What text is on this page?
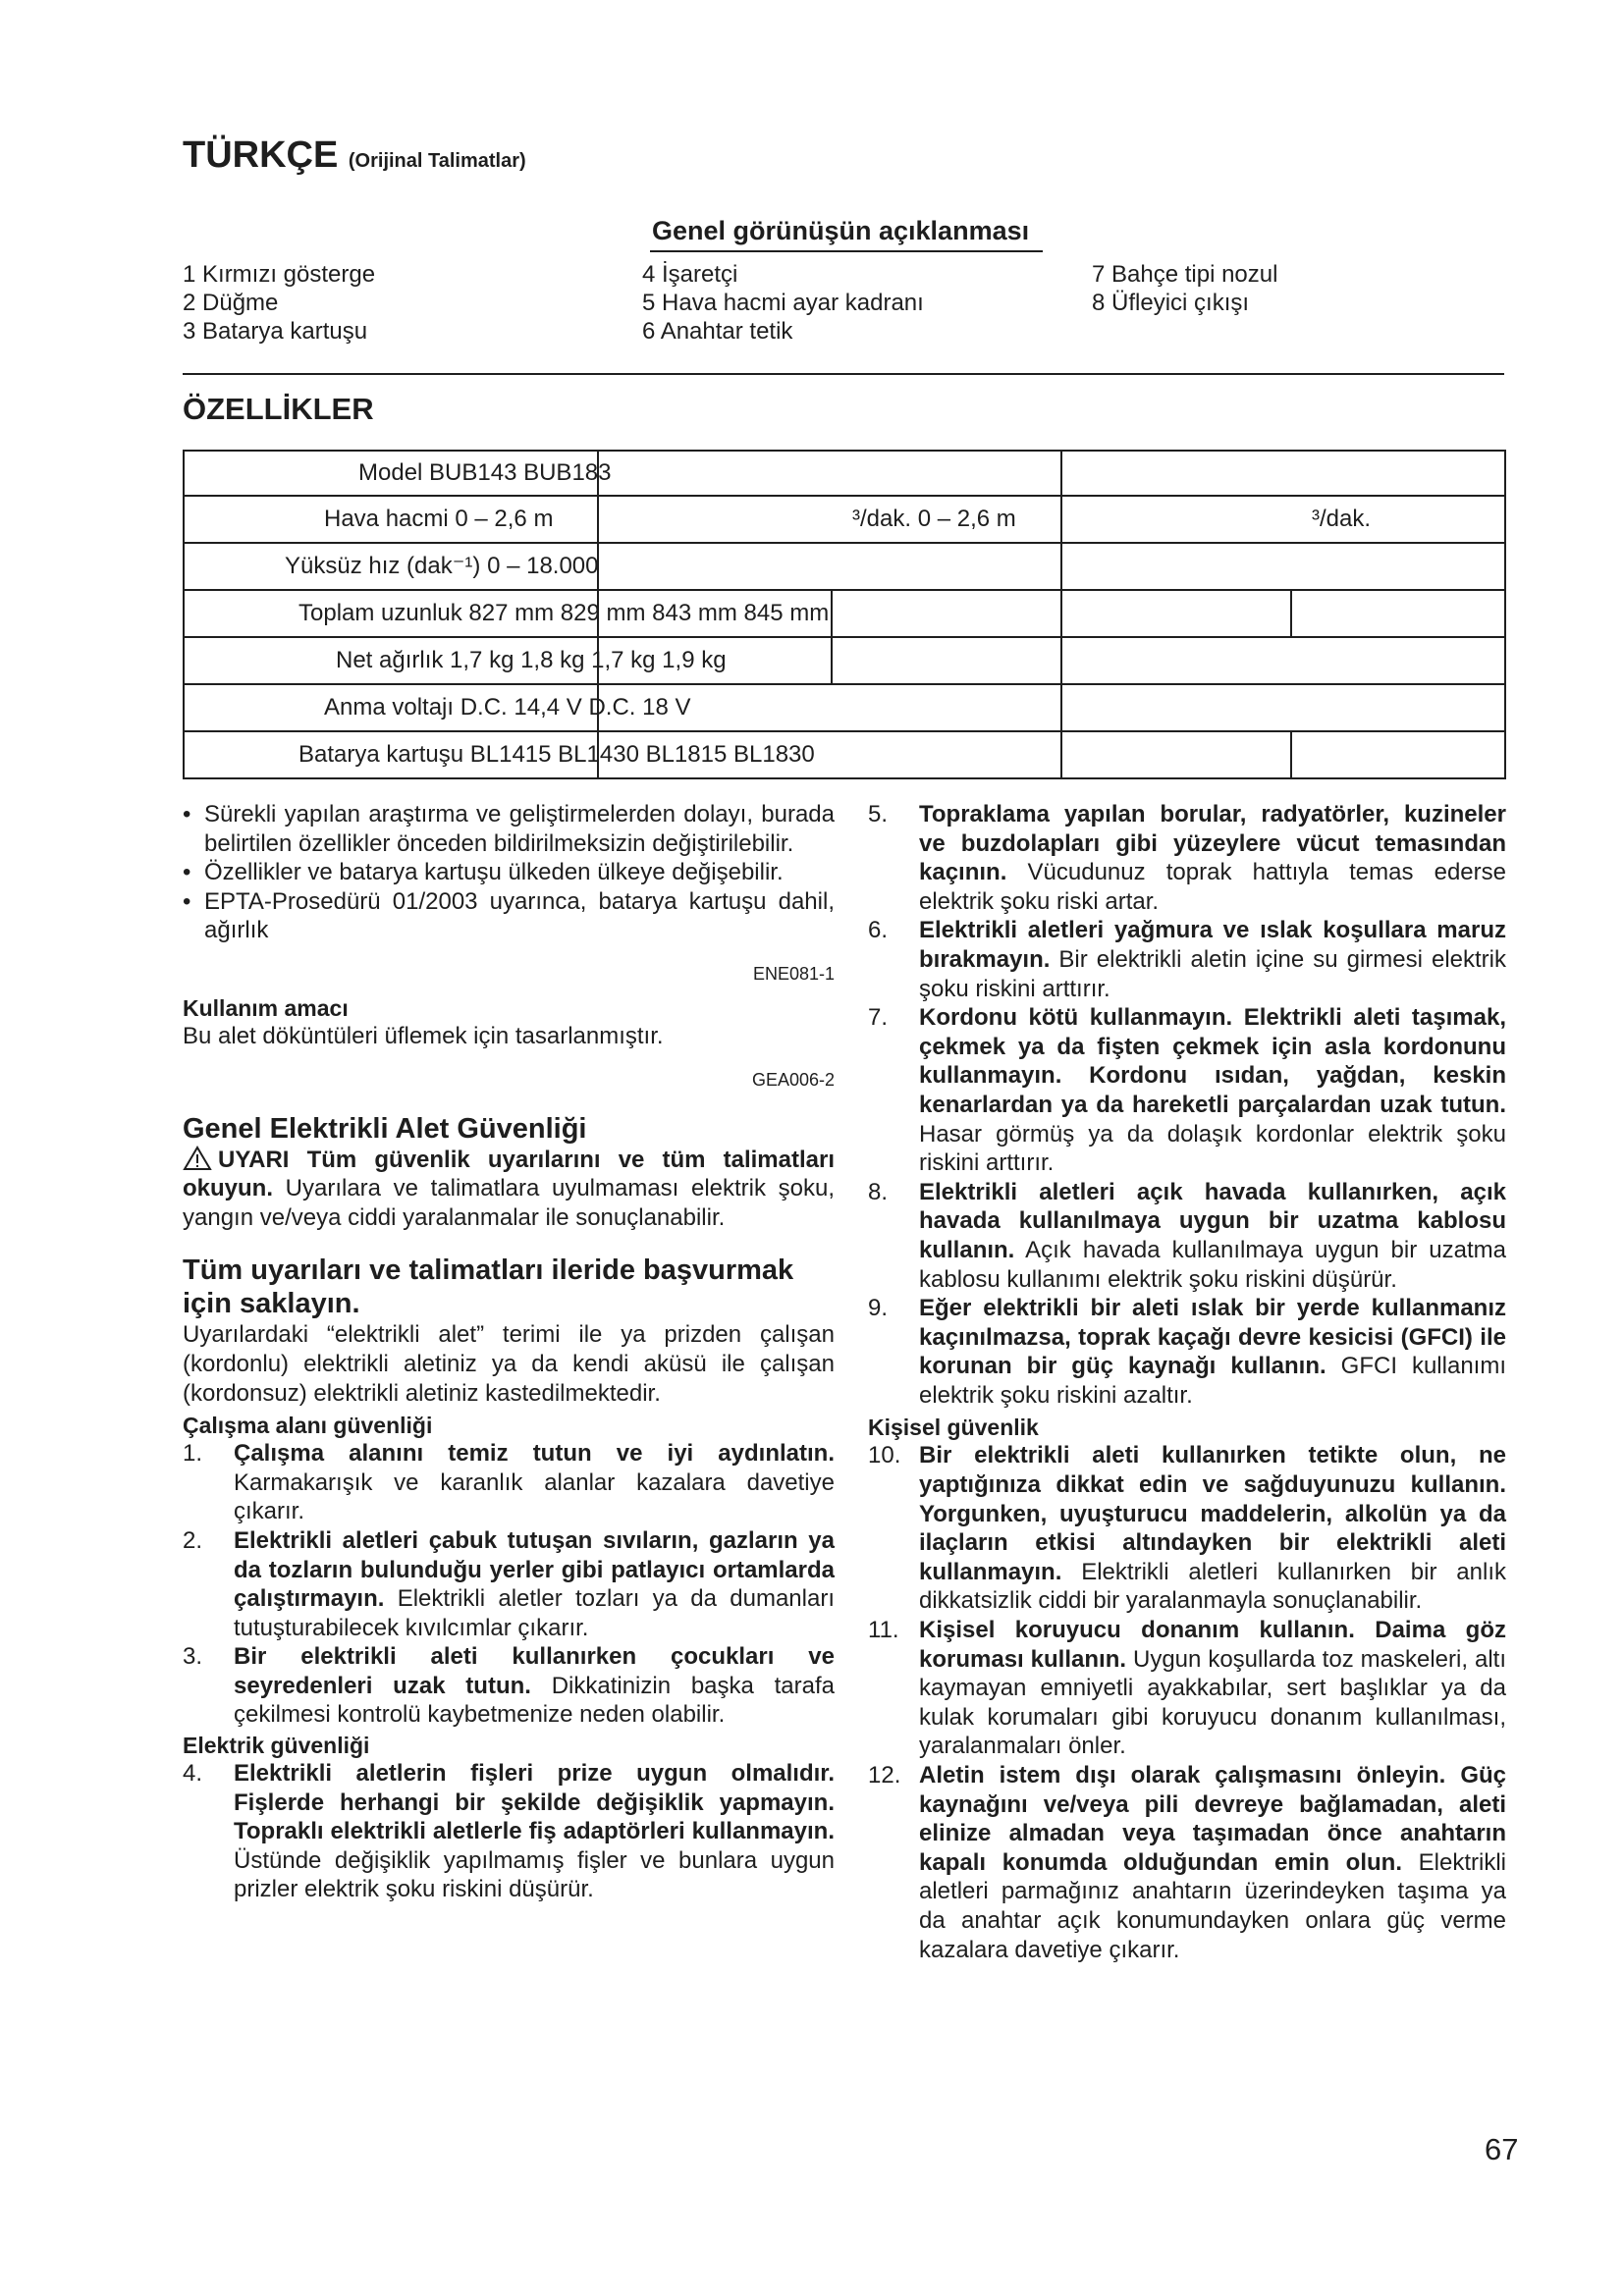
TÜRKÇE (Orijinal Talimatlar)
Genel görünüşün açıklanması
1 Kırmızı gösterge
2 Düğme
3 Batarya kartuşu
4 İşaretçi
5 Hava hacmi ayar kadranı
6 Anahtar tetik
7 Bahçe tipi nozul
8 Üfleyici çıkışı
ÖZELLİKLER
Model BUB143 BUB183
Hava hacmi 0 – 2,6 m	³/dak. 0 – 2,6 m	³/dak.
Yüksüz hız (dak⁻¹) 0 – 18.000
Toplam uzunluk 827 mm 829 mm 843 mm 845 mm
Net ağırlık 1,7 kg 1,8 kg 1,7 kg 1,9 kg
Anma voltajı D.C. 14,4 V D.C. 18 V
Batarya kartuşu BL1415 BL1430 BL1815 BL1830

• Sürekli yapılan araştırma ve geliştirmelerden dolayı, burada belirtilen özellikler önceden bildirilmeksizin değiştirilebilir.

• Özellikler ve batarya kartuşu ülkeden ülkeye değişebilir.

• EPTA-Prosedürü 01/2003 uyarınca, batarya kartuşu dahil, ağırlık

ENE081-1

Kullanım amacı

Bu alet döküntüleri üflemek için tasarlanmıştır.

GEA006-2

Genel Elektrikli Alet Güvenliği

UYARI Tüm güvenlik uyarılarını ve tüm talimatları okuyun. Uyarılara ve talimatlara uyulmaması elektrik şoku, yangın ve/veya ciddi yaralanmalar ile sonuçlanabilir.

Tüm uyarıları ve talimatları ileride başvurmak için saklayın.

Uyarılardaki “elektrikli alet” terimi ile ya prizden çalışan (kordonlu) elektrikli aletiniz ya da kendi aküsü ile çalışan (kordonsuz) elektrikli aletiniz kastedilmektedir.

Çalışma alanı güvenliği

1. Çalışma alanını temiz tutun ve iyi aydınlatın. Karmakarışık ve karanlık alanlar kazalara davetiye çıkarır.

2. Elektrikli aletleri çabuk tutuşan sıvıların, gazların ya da tozların bulunduğu yerler gibi patlayıcı ortamlarda çalıştırmayın. Elektrikli aletler tozları ya da dumanları tutuşturabilecek kıvılcımlar çıkarır.

3. Bir elektrikli aleti kullanırken çocukları ve seyredenleri uzak tutun. Dikkatinizin başka tarafa çekilmesi kontrolü kaybetmenize neden olabilir.

Elektrik güvenliği

4. Elektrikli aletlerin fişleri prize uygun olmalıdır. Fişlerde herhangi bir şekilde değişiklik yapmayın. Topraklı elektrikli aletlerle fiş adaptörleri kullanmayın. Üstünde değişiklik yapılmamış fişler ve bunlara uygun prizler elektrik şoku riskini düşürür.

5. Topraklama yapılan borular, radyatörler, kuzineler ve buzdolapları gibi yüzeylere vücut temasından kaçının. Vücudunuz toprak hattıyla temas ederse elektrik şoku riski artar.

6. Elektrikli aletleri yağmura ve ıslak koşullara maruz bırakmayın. Bir elektrikli aletin içine su girmesi elektrik şoku riskini arttırır.

7. Kordonu kötü kullanmayın. Elektrikli aleti taşımak, çekmek ya da fişten çekmek için asla kordonunu kullanmayın. Kordonu ısıdan, yağdan, keskin kenarlardan ya da hareketli parçalardan uzak tutun. Hasar görmüş ya da dolaşık kordonlar elektrik şoku riskini arttırır.

8. Elektrikli aletleri açık havada kullanırken, açık havada kullanılmaya uygun bir uzatma kablosu kullanın. Açık havada kullanılmaya uygun bir uzatma kablosu kullanımı elektrik şoku riskini düşürür.

9. Eğer elektrikli bir aleti ıslak bir yerde kullanmanız kaçınılmazsa, toprak kaçağı devre kesicisi (GFCI) ile korunan bir güç kaynağı kullanın. GFCI kullanımı elektrik şoku riskini azaltır.

Kişisel güvenlik

10. Bir elektrikli aleti kullanırken tetikte olun, ne yaptığınıza dikkat edin ve sağduyunuzu kullanın. Yorgunken, uyuşturucu maddelerin, alkolün ya da ilaçların etkisi altındayken bir elektrikli aleti kullanmayın. Elektrikli aletleri kullanırken bir anlık dikkatsizlik ciddi bir yaralanmayla sonuçlanabilir.

11. Kişisel koruyucu donanım kullanın. Daima göz koruması kullanın. Uygun koşullarda toz maskeleri, altı kaymayan emniyetli ayakkabılar, sert başlıklar ya da kulak korumaları gibi koruyucu donanım kullanılması, yaralanmaları önler.

12. Aletin istem dışı olarak çalışmasını önleyin. Güç kaynağını ve/veya pili devreye bağlamadan, aleti elinize almadan veya taşımadan önce anahtarın kapalı konumda olduğundan emin olun. Elektrikli aletleri parmağınız anahtarın üzerindeyken taşıma ya da anahtar açık konumundayken onlara güç verme kazalara davetiye çıkarır.

67
